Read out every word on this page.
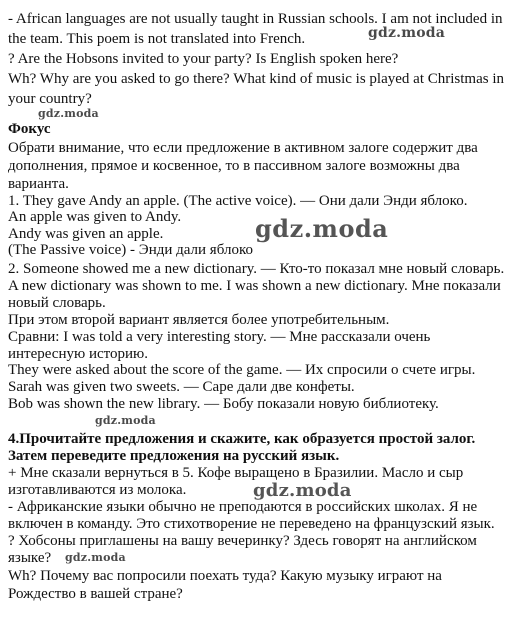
- African languages are not usually taught in Russian schools. I am not included in
the team. This poem is not translated into French.
? Are the Hobsons invited to your party? Is English spoken here?
Wh? Why are you asked to go there? What kind of music is played at Christmas in
your country?
Фокус
Обрати внимание, что если предложение в активном залоге содержит два
дополнения, прямое и косвенное, то в пассивном залоге возможны два
варианта.
1. They gave Andy an apple. (The active voice). — Они дали Энди яблоко.
An apple was given to Andy.
Andy was given an apple.
(The Passive voice) - Энди дали яблоко
2. Someone showed me a new dictionary. — Кто-то показал мне новый словарь.
A new dictionary was shown to me. I was shown a new dictionary. Мне показали
новый словарь.
При этом второй вариант является более употребительным.
Сравни: I was told a very interesting story. — Мне рассказали очень
интересную историю.
They were asked about the score of the game. — Их спросили о счете игры.
Sarah was given two sweets. — Саре дали две конфеты.
Bob was shown the new library. — Бобу показали новую библиотеку.
4.Прочитайте предложения и скажите, как образуется простой залог.
Затем переведите предложения на русский язык.
+ Мне сказали вернуться в 5. Кофе выращено в Бразилии. Масло и сыр
изготавливаются из молока.
- Африканские языки обычно не преподаются в российских школах. Я не
включен в команду. Это стихотворение не переведено на французский язык.
? Хобсоны приглашены на вашу вечеринку? Здесь говорят на английском
языке?
Wh? Почему вас попросили поехать туда? Какую музыку играют на
Рождество в вашей стране?
gdz.moda
gdz.moda
gdz.moda
gdz.moda
gdz.moda
gdz.moda
